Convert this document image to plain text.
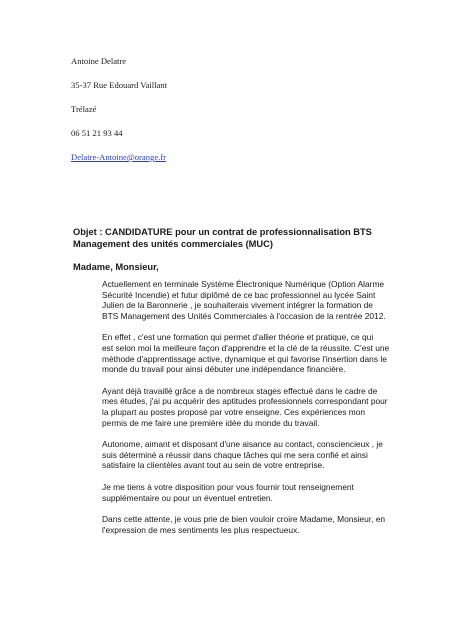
Antoine Delatre
35-37 Rue Edouard Vaillant
Trélazé
06 51 21 93 44
Delatre-Antoine@orange.fr
Objet : CANDIDATURE pour un contrat de professionnalisation BTS
Management des unités commerciales (MUC)
Madame, Monsieur,

Actuellement en terminale Système Électronique Numérique (Option Alarme
Sécurité Incendie) et futur diplômé de ce bac professionnel au lycée Saint
Julien de la Baronnerie , je souhaiterais vivement intégrer la formation de
BTS Management des Unités Commerciales à l'occasion de la rentrée 2012.

En effet , c'est une formation qui permet d'allier théorie et pratique, ce qui
est selon moi la meilleure façon d'apprendre et la clé de la réussite. C'est une
méthode d'apprentissage active, dynamique et qui favorise l'insertion dans le
monde du travail pour ainsi débuter une indépendance financière.

Ayant déjà travaillé grâce a de nombreux stages effectué dans le cadre de
mes études, j'ai pu acquérir des aptitudes professionnels correspondant pour
la plupart au postes proposé par votre enseigne. Ces expériences mon
permis de me faire une première idée du monde du travail.

Autonome, aimant et disposant d'une aisance au contact, consciencieux , je
suis déterminé a réussir dans chaque tâches qui me sera confié et ainsi
satisfaire la clientèles avant tout au sein de votre entreprise.

Je me tiens à votre disposition pour vous fournir tout renseignement
supplémentaire ou pour un éventuel entretien.

Dans cette attente, je vous prie de bien vouloir croire Madame, Monsieur, en
l'expression de mes sentiments les plus respectueux.
